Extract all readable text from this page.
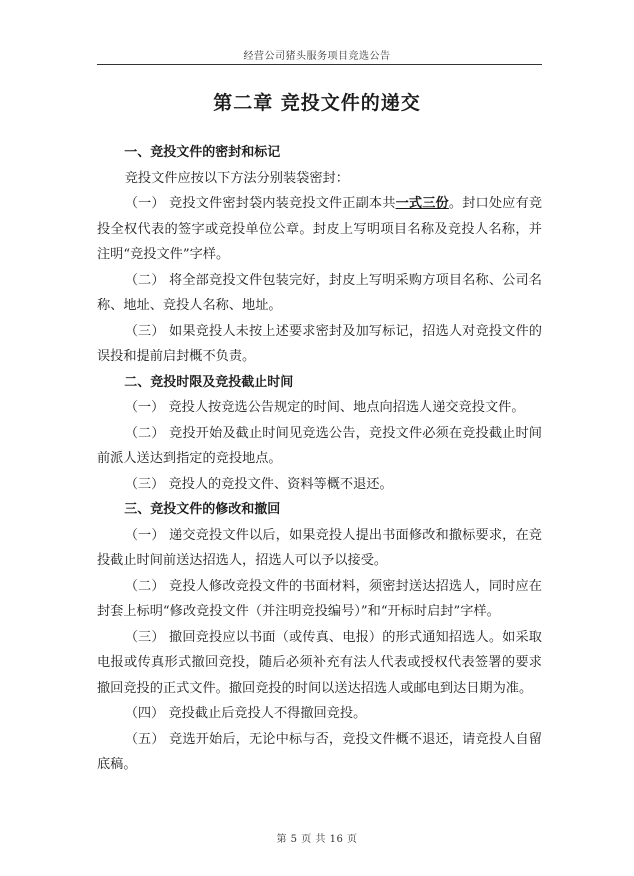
经营公司猪头服务项目竞选公告
第二章 竞投文件的递交

一、竞投文件的密封和标记

竞投文件应按以下方法分别装袋密封：

（一） 竞投文件密封袋内装竞投文件正副本共一式三份。封口处应有竞投全权代表的签字或竞投单位公章。封皮上写明项目名称及竞投人名称，并注明“竞投文件”字样。

（二） 将全部竞投文件包装完好，封皮上写明采购方项目名称、公司名称、地址、竞投人名称、地址。

（三） 如果竞投人未按上述要求密封及加写标记，招选人对竞投文件的误投和提前启封概不负责。

二、竞投时限及竞投截止时间

（一） 竞投人按竞选公告规定的时间、地点向招选人递交竞投文件。

（二） 竞投开始及截止时间见竞选公告，竞投文件必须在竞投截止时间前派人送达到指定的竞投地点。

（三） 竞投人的竞投文件、资料等概不退还。

三、竞投文件的修改和撤回

（一） 递交竞投文件以后，如果竞投人提出书面修改和撤标要求，在竞投截止时间前送达招选人，招选人可以予以接受。

（二） 竞投人修改竞投文件的书面材料，须密封送达招选人，同时应在封套上标明“修改竞投文件（并注明竞投编号）”和“开标时启封”字样。

（三） 撤回竞投应以书面（或传真、电报）的形式通知招选人。如采取电报或传真形式撤回竞投，随后必须补充有法人代表或授权代表签署的要求撤回竞投的正式文件。撤回竞投的时间以送达招选人或邮电到达日期为准。

（四） 竞投截止后竞投人不得撤回竞投。

（五） 竞选开始后，无论中标与否，竞投文件概不退还，请竞投人自留底稿。

第 5 页 共 16 页
